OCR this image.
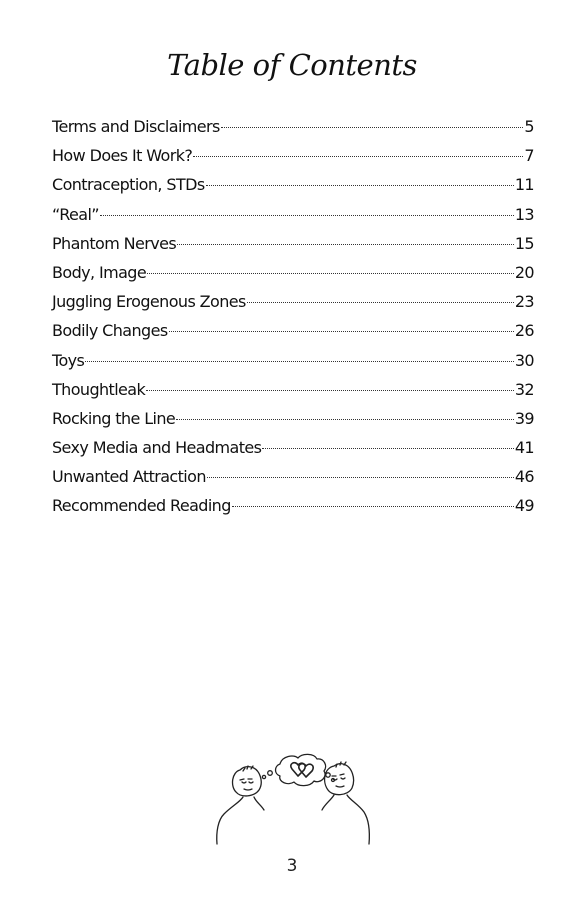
Table of Contents
Terms and Disclaimers	5
How Does It Work?	7
Contraception, STDs	11
“Real”	13
Phantom Nerves	15
Body, Image	20
Juggling Erogenous Zones	23
Bodily Changes	26
Toys	30
Thoughtleak	32
Rocking the Line	39
Sexy Media and Headmates	41
Unwanted Attraction	46
Recommended Reading	49
3
